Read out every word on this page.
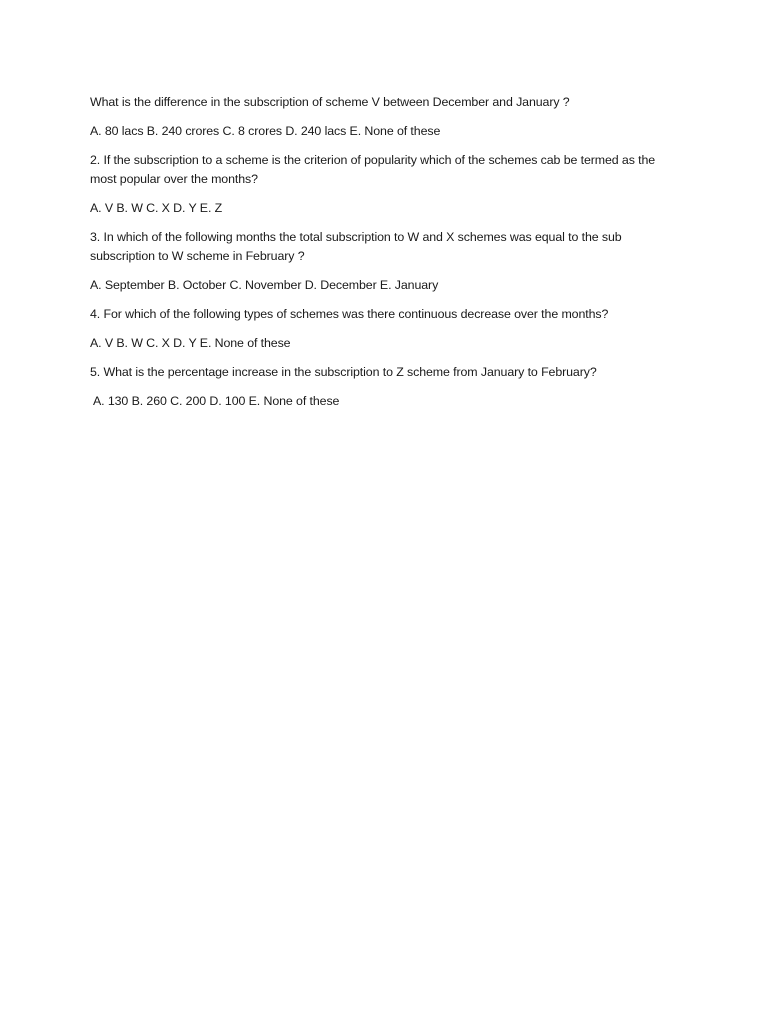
What is the difference in the subscription of scheme V between December and January ?

A. 80 lacs B. 240 crores C. 8 crores D. 240 lacs E. None of these

2. If the subscription to a scheme is the criterion of popularity which of the schemes cab be termed as the most popular over the months?

A. V B. W C. X D. Y E. Z

3. In which of the following months the total subscription to W and X schemes was equal to the sub subscription to W scheme in February ?

A. September B. October C. November D. December E. January

4. For which of the following types of schemes was there continuous decrease over the months?

A. V B. W C. X D. Y E. None of these

5. What is the percentage increase in the subscription to Z scheme from January to February?

A. 130 B. 260 C. 200 D. 100 E. None of these
